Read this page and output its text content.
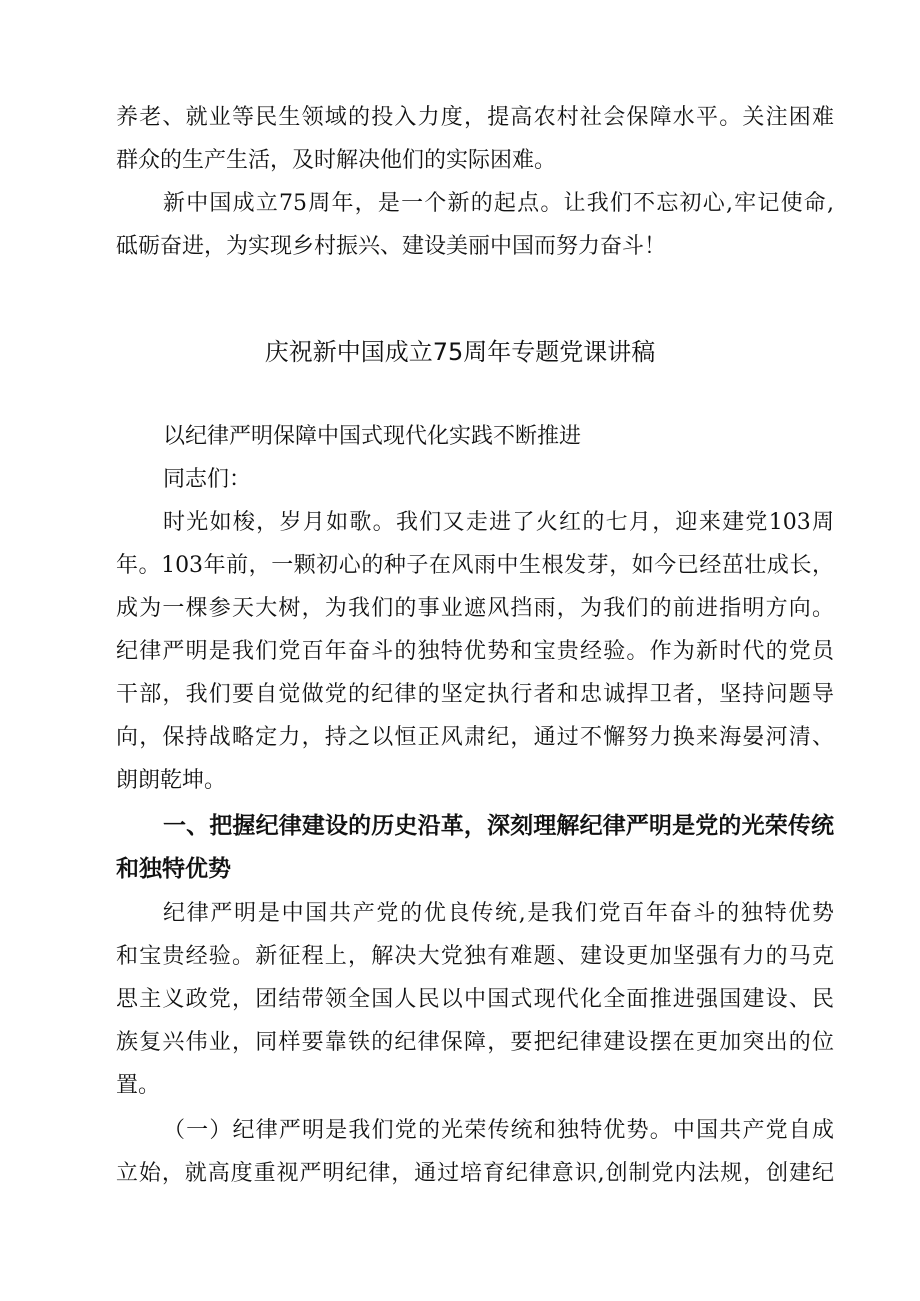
养老、就业等民生领域的投入力度，提高农村社会保障水平。关注困难
群众的生产生活，及时解决他们的实际困难。
新中国成立75周年，是一个新的起点。让我们不忘初心,牢记使命,
砥砺奋进，为实现乡村振兴、建设美丽中国而努力奋斗！
庆祝新中国成立75周年专题党课讲稿
以纪律严明保障中国式现代化实践不断推进
同志们：
时光如梭，岁月如歌。我们又走进了火红的七月，迎来建党103周
年。103年前，一颗初心的种子在风雨中生根发芽，如今已经茁壮成长，
成为一棵参天大树，为我们的事业遮风挡雨，为我们的前进指明方向。
纪律严明是我们党百年奋斗的独特优势和宝贵经验。作为新时代的党员
干部，我们要自觉做党的纪律的坚定执行者和忠诚捍卫者，坚持问题导
向，保持战略定力，持之以恒正风肃纪，通过不懈努力换来海晏河清、
朗朗乾坤。
一、把握纪律建设的历史沿革，深刻理解纪律严明是党的光荣传统
和独特优势
纪律严明是中国共产党的优良传统,是我们党百年奋斗的独特优势
和宝贵经验。新征程上，解决大党独有难题、建设更加坚强有力的马克
思主义政党，团结带领全国人民以中国式现代化全面推进强国建设、民
族复兴伟业，同样要靠铁的纪律保障，要把纪律建设摆在更加突出的位
置。
（一）纪律严明是我们党的光荣传统和独特优势。中国共产党自成
立始，就高度重视严明纪律，通过培育纪律意识,创制党内法规，创建纪
